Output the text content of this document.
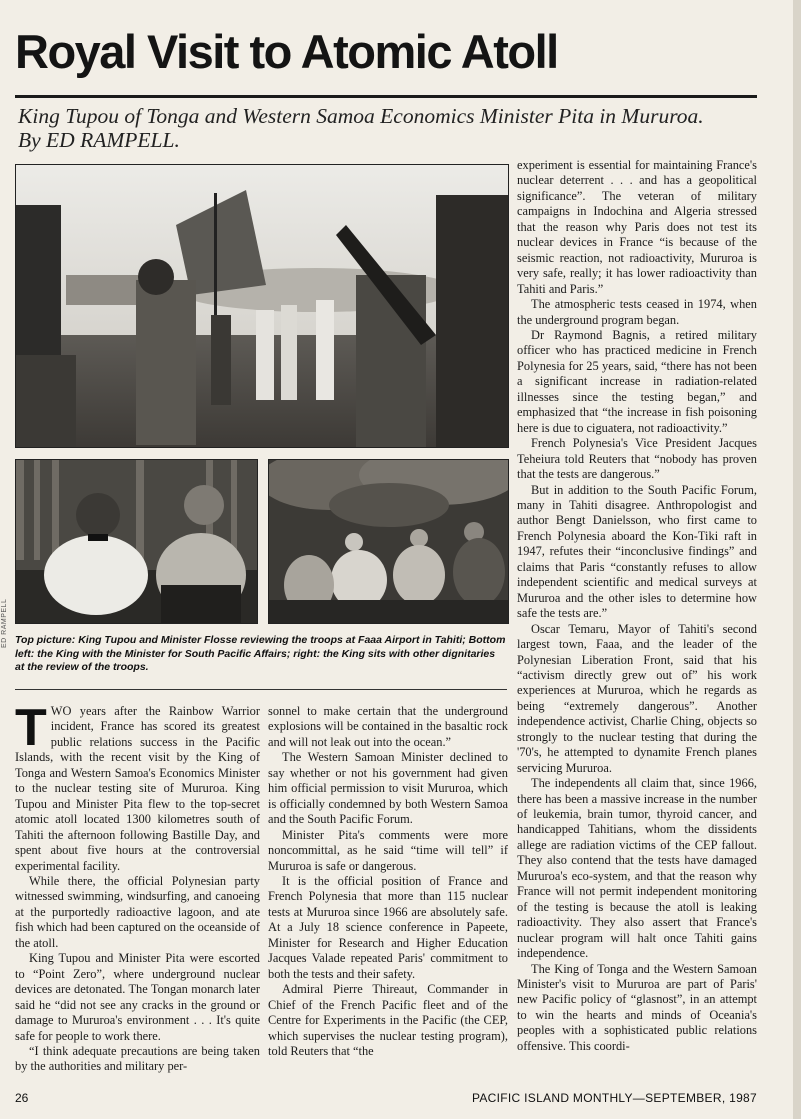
Royal Visit to Atomic Atoll

King Tupou of Tonga and Western Samoa Economics Minister Pita in Mururoa.
By ED RAMPELL.

ED RAMPELL Top picture: King Tupou and Minister Flosse reviewing the troops at Faaa Airport in Tahiti; Bottom left: the King with the Minister for South Pacific Affairs; right: the King sits with other dignitaries at the review of the troops.

TWO years after the Rainbow Warrior incident, France has scored its greatest public relations success in the Pacific Islands, with the recent visit by the King of Tonga and Western Samoa's Economics Minister to the nuclear testing site of Mururoa. King Tupou and Minister Pita flew to the top-secret atomic atoll located 1300 kilometres south of Tahiti the afternoon following Bastille Day, and spent about five hours at the controversial experimental facility.

While there, the official Polynesian party witnessed swimming, windsurfing, and canoeing at the purportedly radioactive lagoon, and ate fish which had been captured on the oceanside of the atoll.

King Tupou and Minister Pita were escorted to “Point Zero”, where underground nuclear devices are detonated. The Tongan monarch later said he “did not see any cracks in the ground or damage to Mururoa's environment . . . It's quite safe for people to work there.

“I think adequate precautions are being taken by the authorities and military per-

sonnel to make certain that the underground explosions will be contained in the basaltic rock and will not leak out into the ocean.”

The Western Samoan Minister declined to say whether or not his government had given him official permission to visit Mururoa, which is officially condemned by both Western Samoa and the South Pacific Forum.

Minister Pita's comments were more noncommittal, as he said “time will tell” if Mururoa is safe or dangerous.

It is the official position of France and French Polynesia that more than 115 nuclear tests at Mururoa since 1966 are absolutely safe. At a July 18 science conference in Papeete, Minister for Research and Higher Education Jacques Valade repeated Paris' commitment to both the tests and their safety.

Admiral Pierre Thireaut, Commander in Chief of the French Pacific fleet and of the Centre for Experiments in the Pacific (the CEP, which supervises the nuclear testing program), told Reuters that “the

experiment is essential for maintaining France's nuclear deterrent . . . and has a geopolitical significance”. The veteran of military campaigns in Indochina and Algeria stressed that the reason why Paris does not test its nuclear devices in France “is because of the seismic reaction, not radioactivity, Mururoa is very safe, really; it has lower radioactivity than Tahiti and Paris.”

The atmospheric tests ceased in 1974, when the underground program began.

Dr Raymond Bagnis, a retired military officer who has practiced medicine in French Polynesia for 25 years, said, “there has not been a significant increase in radiation-related illnesses since the testing began,” and emphasized that “the increase in fish poisoning here is due to ciguatera, not radioactivity.”

French Polynesia's Vice President Jacques Teheiura told Reuters that “nobody has proven that the tests are dangerous.”

But in addition to the South Pacific Forum, many in Tahiti disagree. Anthropologist and author Bengt Danielsson, who first came to French Polynesia aboard the Kon-Tiki raft in 1947, refutes their “inconclusive findings” and claims that Paris “constantly refuses to allow independent scientific and medical surveys at Mururoa and the other isles to determine how safe the tests are.”

Oscar Temaru, Mayor of Tahiti's second largest town, Faaa, and the leader of the Polynesian Liberation Front, said that his “activism directly grew out of” his work experiences at Mururoa, which he regards as being “extremely dangerous”. Another independence activist, Charlie Ching, objects so strongly to the nuclear testing that during the '70's, he attempted to dynamite French planes servicing Mururoa.

The independents all claim that, since 1966, there has been a massive increase in the number of leukemia, brain tumor, thyroid cancer, and handicapped Tahitians, whom the dissidents allege are radiation victims of the CEP fallout. They also contend that the tests have damaged Mururoa's eco-system, and that the reason why France will not permit independent monitoring of the testing is because the atoll is leaking radioactivity. They also assert that France's nuclear program will halt once Tahiti gains independence.

The King of Tonga and the Western Samoan Minister's visit to Mururoa are part of Paris' new Pacific policy of “glasnost”, in an attempt to win the hearts and minds of Oceania's peoples with a sophisticated public relations offensive. This coordi-

26	PACIFIC ISLAND MONTHLY—SEPTEMBER, 1987
